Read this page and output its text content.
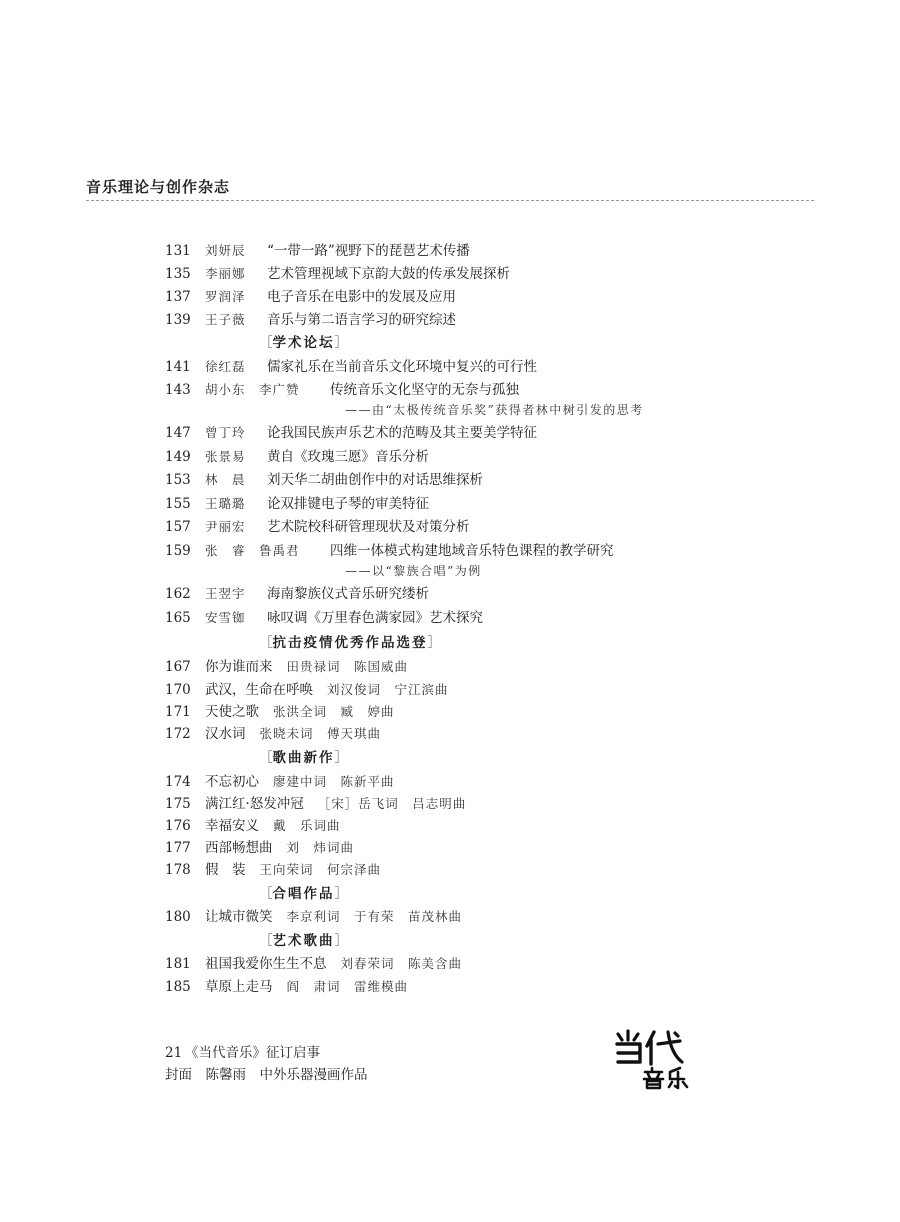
音乐理论与创作杂志
131 刘妍辰 “一带一路”视野下的琵琶艺术传播
135 李丽娜 艺术管理视域下京韵大鼓的传承发展探析
137 罗润泽 电子音乐在电影中的发展及应用
139 王子薇 音乐与第二语言学习的研究综述
［学术论坛］
141 徐红磊 儒家礼乐在当前音乐文化环境中复兴的可行性
143 胡小东　李广赞 传统音乐文化坚守的无奈与孤独
——由“太极传统音乐奖”获得者林中树引发的思考
147 曾丁玲 论我国民族声乐艺术的范畴及其主要美学特征
149 张景易 黄自《玫瑰三愿》音乐分析
153 林　晨 刘天华二胡曲创作中的对话思维探析
155 王璐璐 论双排键电子琴的审美特征
157 尹丽宏 艺术院校科研管理现状及对策分析
159 张　睿　鲁禹君 四维一体模式构建地域音乐特色课程的教学研究
——以“黎族合唱”为例
162 王翌宇 海南黎族仪式音乐研究缕析
165 安雪铷 咏叹调《万里春色满家园》艺术探究
［抗击疫情优秀作品选登］
167 你为谁而来 田贵禄词　陈国威曲
170 武汉，生命在呼唤 刘汉俊词　宁江滨曲
171 天使之歌 张洪全词　臧　婷曲
172 汉水词 张晓未词　傅天琪曲
［歌曲新作］
174 不忘初心 廖建中词　陈新平曲
175 满江红·怒发冲冠 ［宋］岳飞词　吕志明曲
176 幸福安义 戴　乐词曲
177 西部畅想曲 刘　炜词曲
178 假　装 王向荣词　何宗泽曲
［合唱作品］
180 让城市微笑 李京利词　于有荣　苗茂林曲
［艺术歌曲］
181 祖国我爱你生生不息 刘春荣词　陈美含曲
185 草原上走马 阎　肃词　雷维模曲
21 《当代音乐》征订启事
封面　陈馨雨　中外乐器漫画作品
